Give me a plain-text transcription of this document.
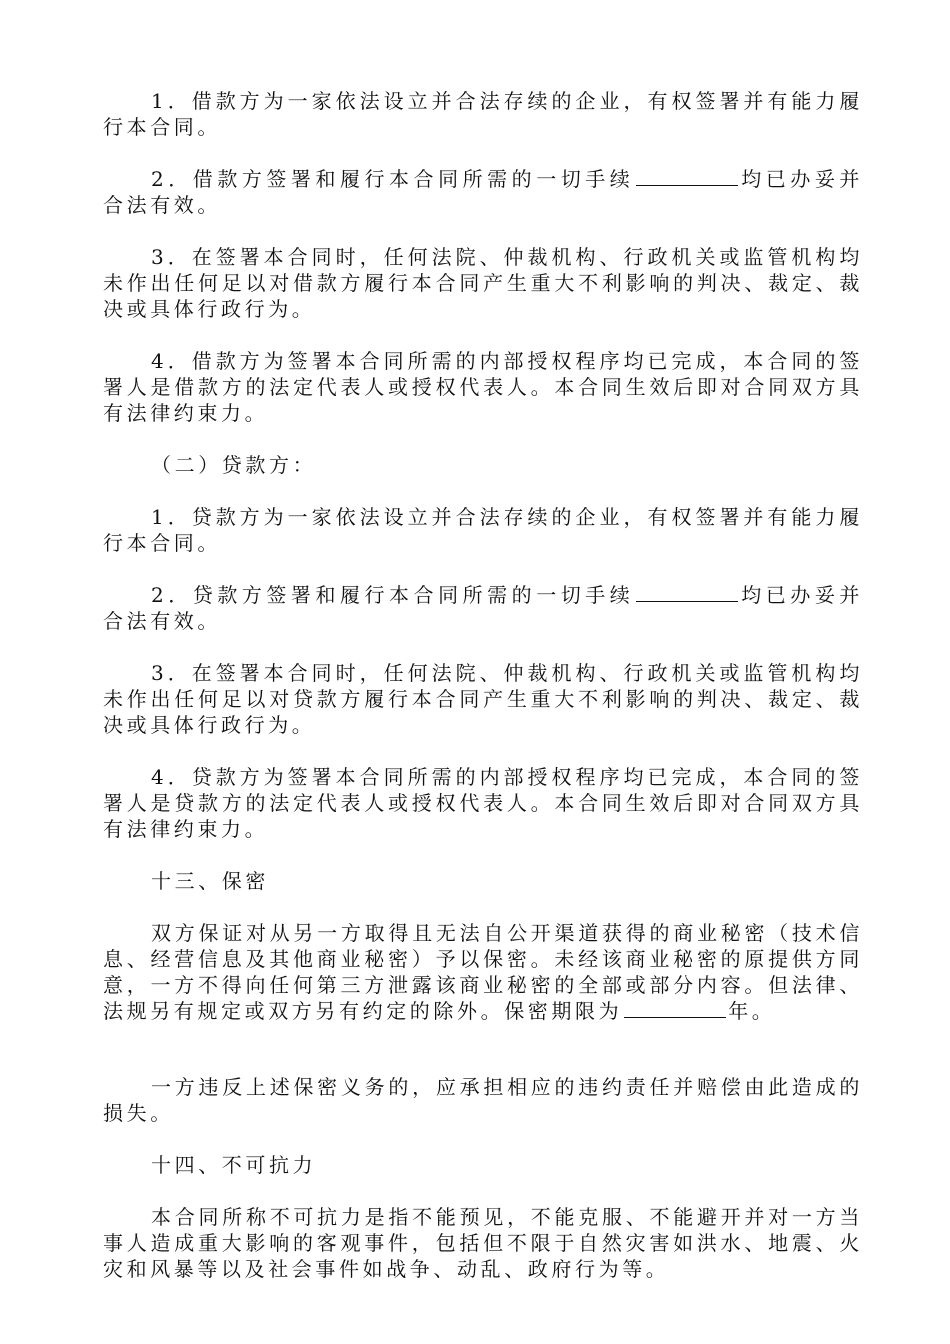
1．借款方为一家依法设立并合法存续的企业，有权签署并有能力履行本合同。

2．借款方签署和履行本合同所需的一切手续	均已办妥并合法有效。

3．在签署本合同时，任何法院、仲裁机构、行政机关或监管机构均未作出任何足以对借款方履行本合同产生重大不利影响的判决、裁定、裁决或具体行政行为。

4．借款方为签署本合同所需的内部授权程序均已完成，本合同的签署人是借款方的法定代表人或授权代表人。本合同生效后即对合同双方具有法律约束力。

（二）贷款方：

1．贷款方为一家依法设立并合法存续的企业，有权签署并有能力履行本合同。

2．贷款方签署和履行本合同所需的一切手续	均已办妥并合法有效。

3．在签署本合同时，任何法院、仲裁机构、行政机关或监管机构均未作出任何足以对贷款方履行本合同产生重大不利影响的判决、裁定、裁决或具体行政行为。

4．贷款方为签署本合同所需的内部授权程序均已完成，本合同的签署人是贷款方的法定代表人或授权代表人。本合同生效后即对合同双方具有法律约束力。

十三、保密

双方保证对从另一方取得且无法自公开渠道获得的商业秘密（技术信息、经营信息及其他商业秘密）予以保密。未经该商业秘密的原提供方同意，一方不得向任何第三方泄露该商业秘密的全部或部分内容。但法律、法规另有规定或双方另有约定的除外。保密期限为	年。

一方违反上述保密义务的，应承担相应的违约责任并赔偿由此造成的损失。

十四、不可抗力

本合同所称不可抗力是指不能预见，不能克服、不能避开并对一方当事人造成重大影响的客观事件，包括但不限于自然灾害如洪水、地震、火灾和风暴等以及社会事件如战争、动乱、政府行为等。
